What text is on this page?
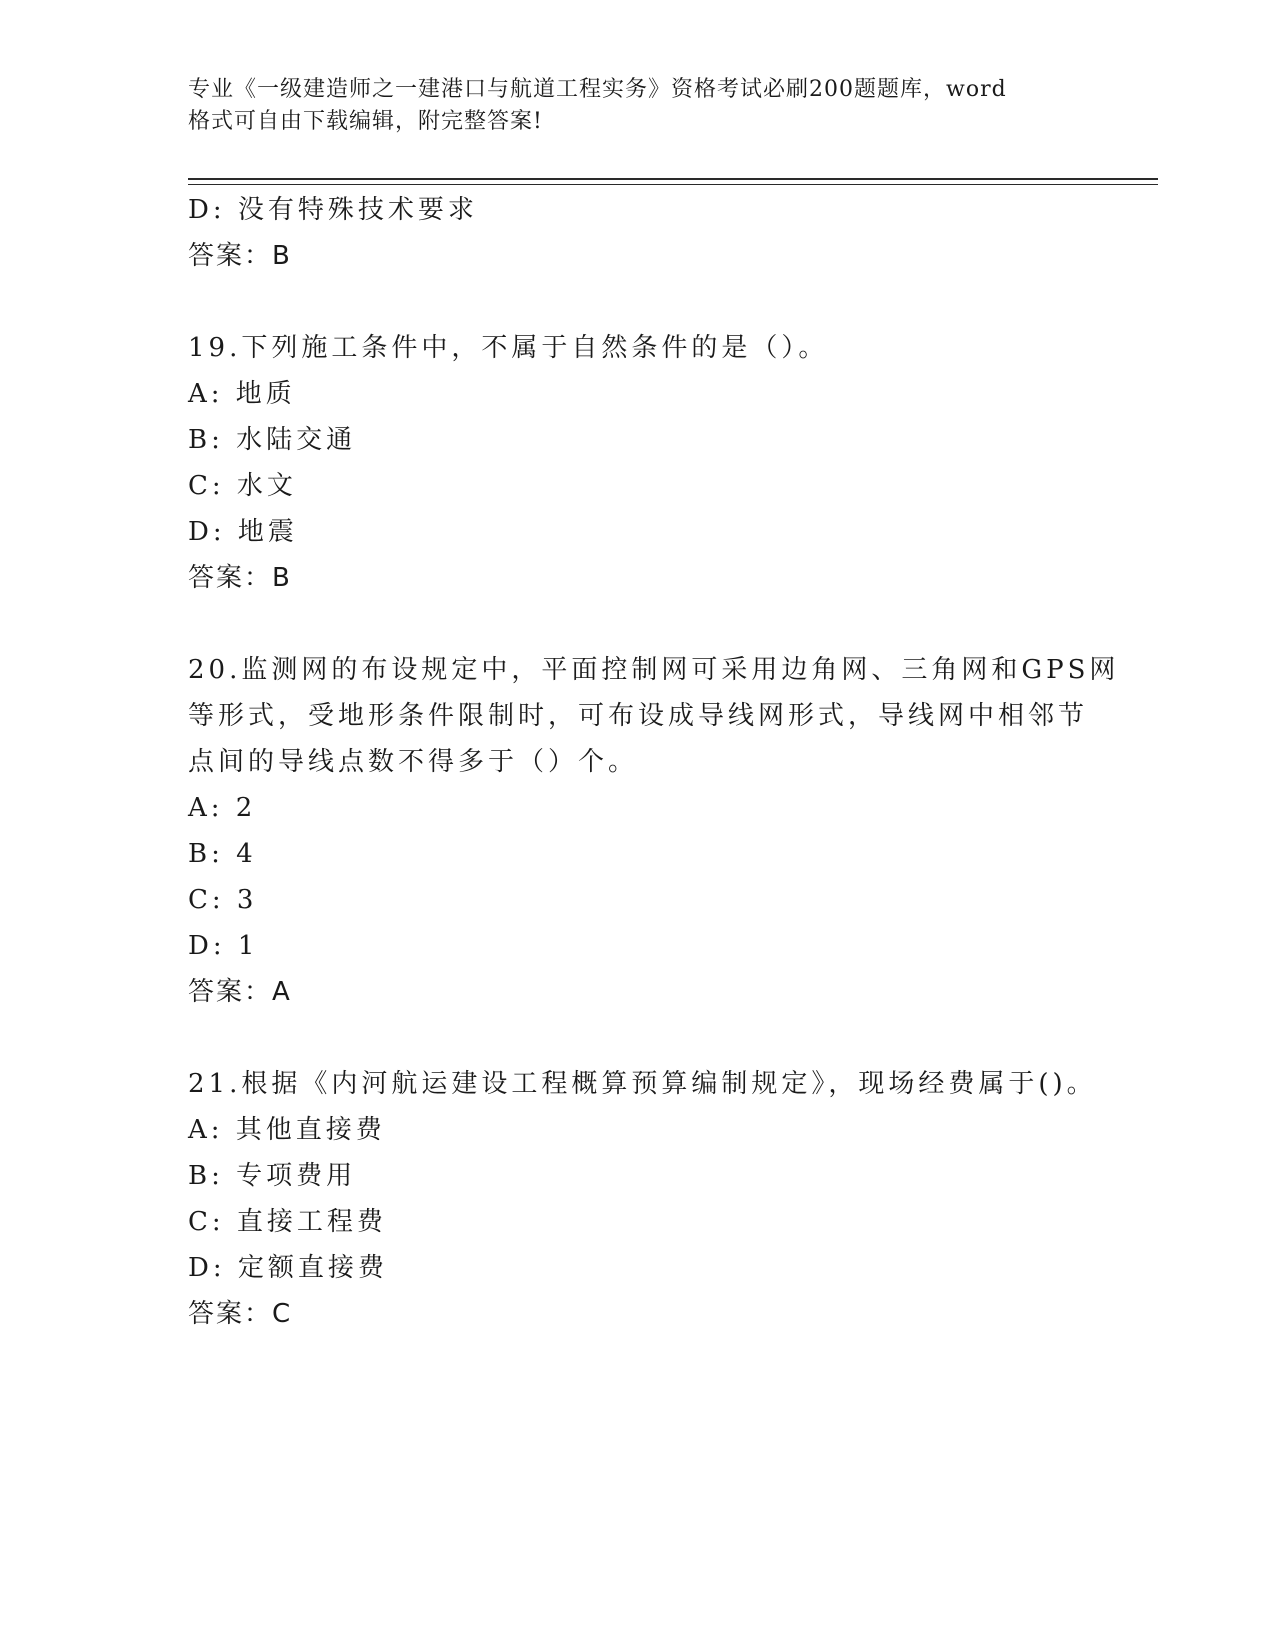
专业《一级建造师之一建港口与航道工程实务》资格考试必刷200题题库，word
格式可自由下载编辑，附完整答案!
D: 没有特殊技术要求
答案：B
19.下列施工条件中，不属于自然条件的是（）。
A: 地质
B: 水陆交通
C: 水文
D: 地震
答案：B
20.监测网的布设规定中，平面控制网可采用边角网、三角网和GPS网
等形式，受地形条件限制时，可布设成导线网形式，导线网中相邻节
点间的导线点数不得多于（）个。
A: 2
B: 4
C: 3
D: 1
答案：A
21.根据《内河航运建设工程概算预算编制规定》，现场经费属于()。
A: 其他直接费
B: 专项费用
C: 直接工程费
D: 定额直接费
答案：C
